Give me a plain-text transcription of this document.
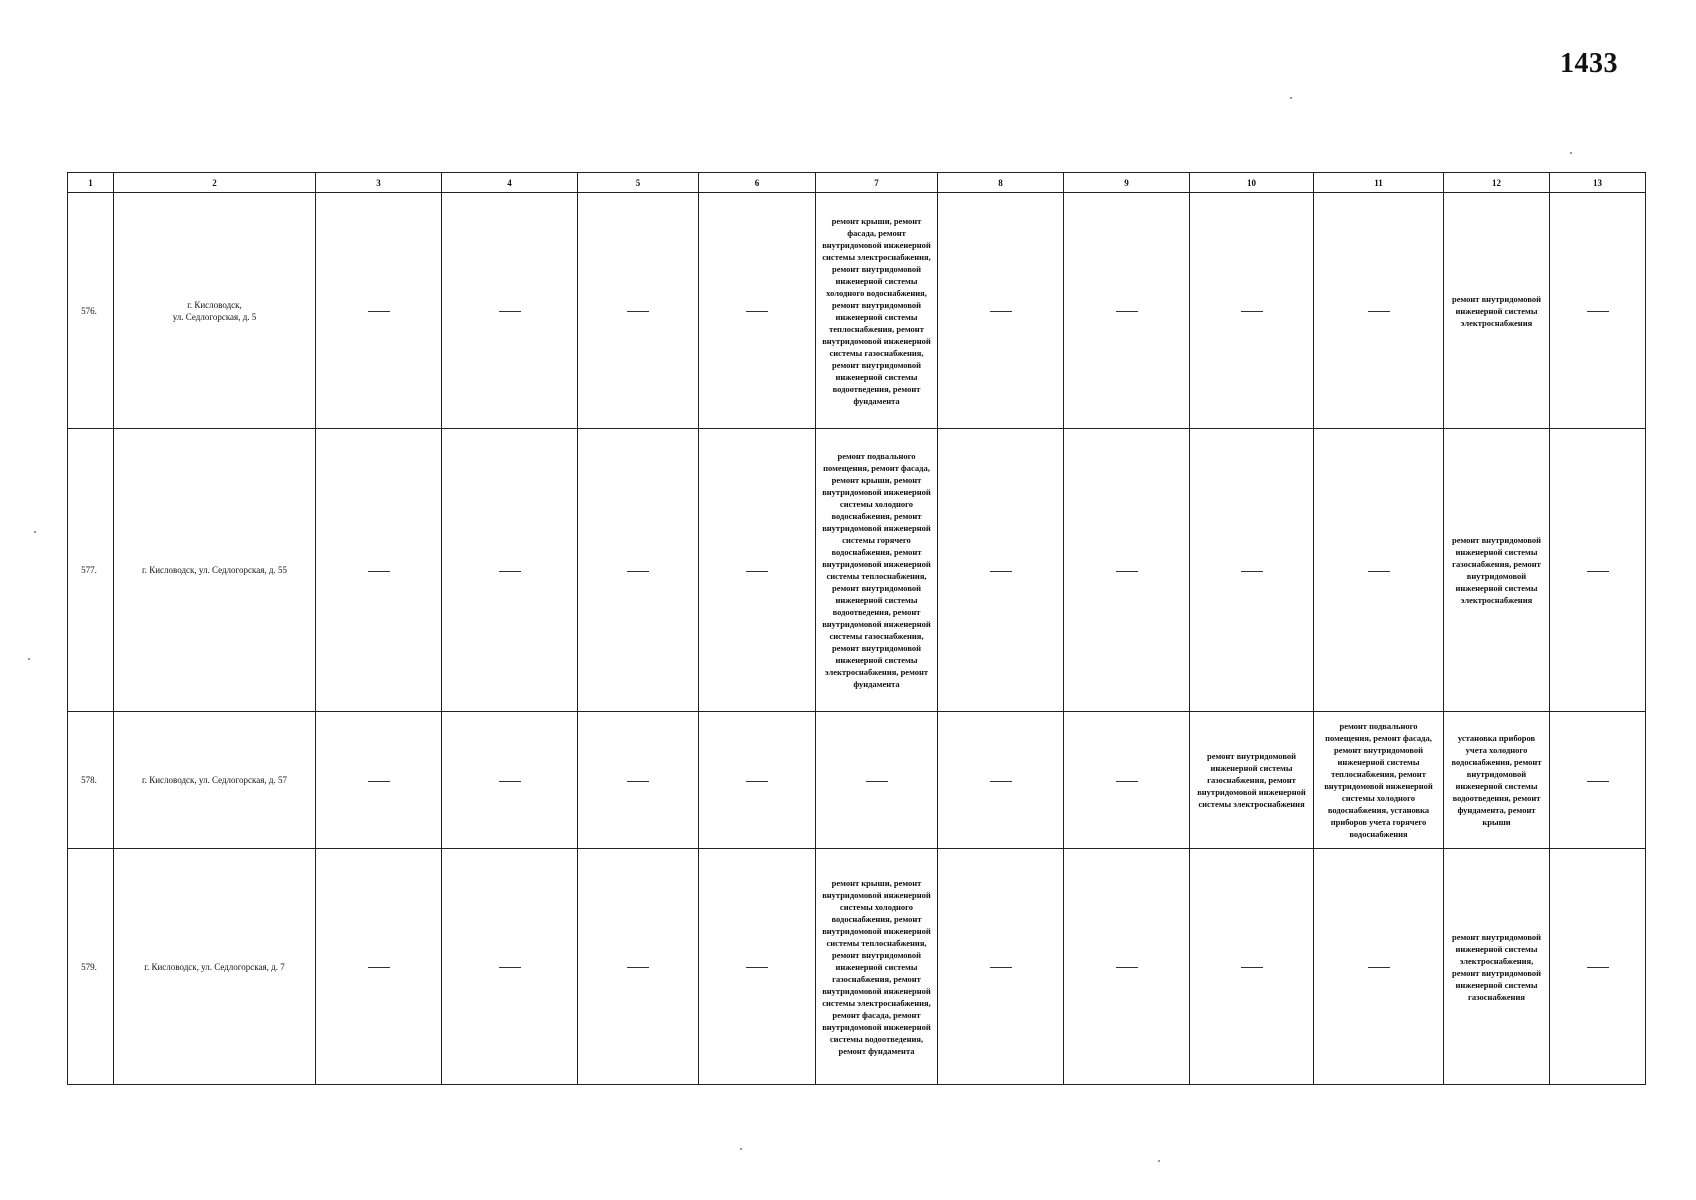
1433
1	2	3	4	5	6	7	8	9	10	11	12	13
576.	г. Кисловодск,
ул. Седлогорская, д. 5					ремонт крыши, ремонт фасада, ремонт внутридомовой инженерной системы электроснабжения, ремонт внутридомовой инженерной системы холодного водоснабжения, ремонт внутридомовой инженерной системы теплоснабжения, ремонт внутридомовой инженерной системы газоснабжения, ремонт внутридомовой инженерной системы водоотведения, ремонт фундамента					ремонт внутридомовой инженерной системы электроснабжения	

577.	г. Кисловодск, ул. Седлогорская, д. 55					ремонт подвального помещения, ремонт фасада, ремонт крыши, ремонт внутридомовой инженерной системы холодного водоснабжения, ремонт внутридомовой инженерной системы горячего водоснабжения, ремонт внутридомовой инженерной системы теплоснабжения, ремонт внутридомовой инженерной системы водоотведения, ремонт внутридомовой инженерной системы газоснабжения, ремонт внутридомовой инженерной системы электроснабжения, ремонт фундамента					ремонт внутридомовой инженерной системы газоснабжения, ремонт внутридомовой инженерной системы электроснабжения	

578.	г. Кисловодск, ул. Седлогорская, д. 57								ремонт внутридомовой инженерной системы газоснабжения, ремонт внутридомовой инженерной системы электроснабжения	ремонт подвального помещения, ремонт фасада, ремонт внутридомовой инженерной системы теплоснабжения, ремонт внутридомовой инженерной системы холодного водоснабжения, установка приборов учета горячего водоснабжения	установка приборов учета холодного водоснабжения, ремонт внутридомовой инженерной системы водоотведения, ремонт фундамента, ремонт крыши	

579.	г. Кисловодск, ул. Седлогорская, д. 7					ремонт крыши, ремонт внутридомовой инженерной системы холодного водоснабжения, ремонт внутридомовой инженерной системы теплоснабжения, ремонт внутридомовой инженерной системы газоснабжения, ремонт внутридомовой инженерной системы электроснабжения, ремонт фасада, ремонт внутридомовой инженерной системы водоотведения, ремонт фундамента					ремонт внутридомовой инженерной системы электроснабжения, ремонт внутридомовой инженерной системы газоснабжения	
